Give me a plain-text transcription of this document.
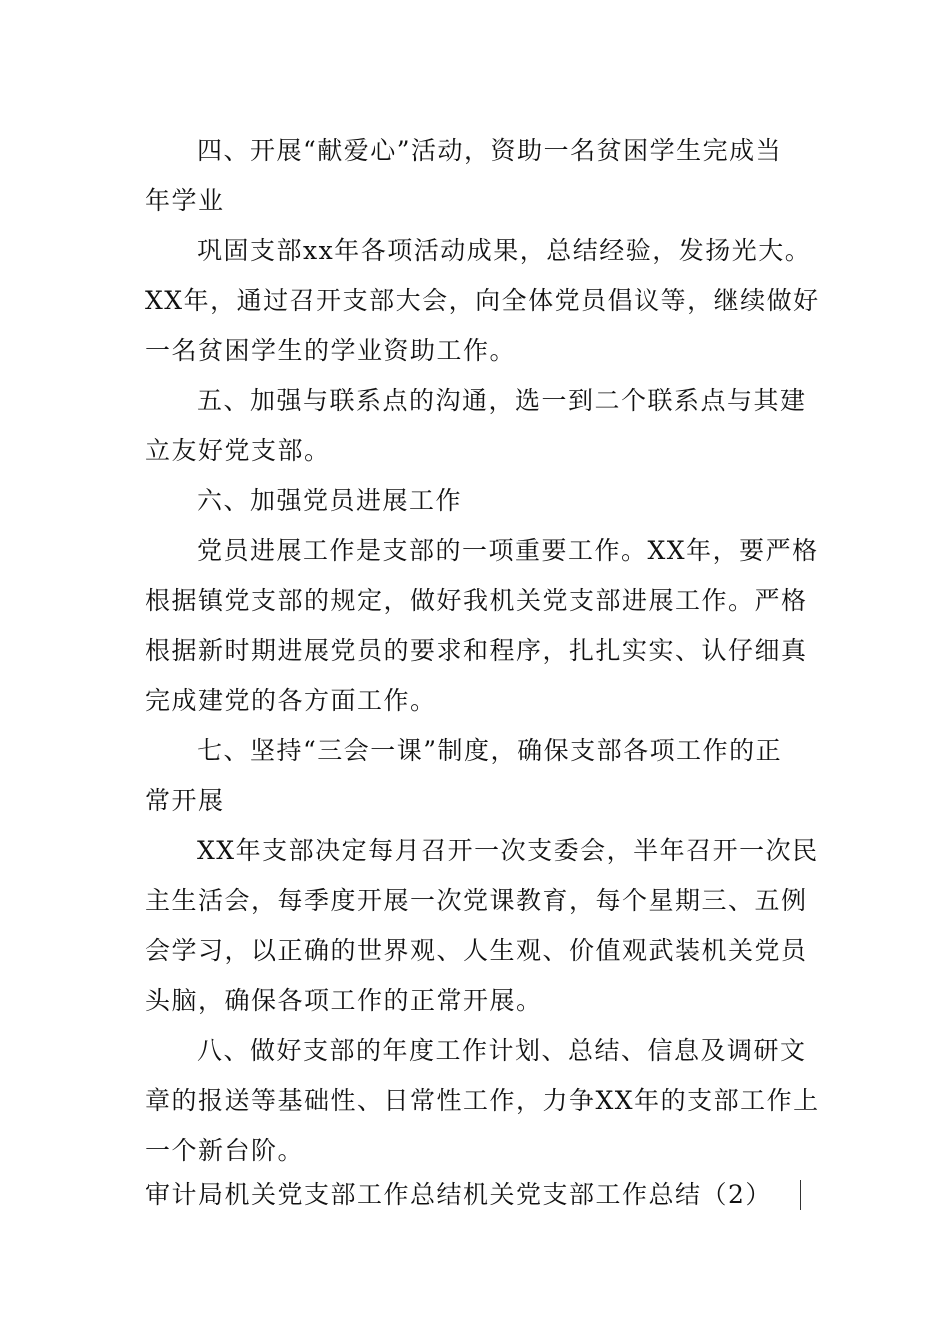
四、开展“献爱心”活动，资助一名贫困学生完成当
年学业
巩固支部xx年各项活动成果，总结经验，发扬光大。
XX年，通过召开支部大会，向全体党员倡议等，继续做好
一名贫困学生的学业资助工作。
五、加强与联系点的沟通，选一到二个联系点与其建
立友好党支部。
六、加强党员进展工作
党员进展工作是支部的一项重要工作。XX年，要严格
根据镇党支部的规定，做好我机关党支部进展工作。严格
根据新时期进展党员的要求和程序，扎扎实实、认仔细真
完成建党的各方面工作。
七、坚持“三会一课”制度，确保支部各项工作的正
常开展
XX年支部决定每月召开一次支委会，半年召开一次民
主生活会，每季度开展一次党课教育，每个星期三、五例
会学习，以正确的世界观、人生观、价值观武装机关党员
头脑，确保各项工作的正常开展。
八、做好支部的年度工作计划、总结、信息及调研文
章的报送等基础性、日常性工作，力争XX年的支部工作上
一个新台阶。
审计局机关党支部工作总结机关党支部工作总结（2）
